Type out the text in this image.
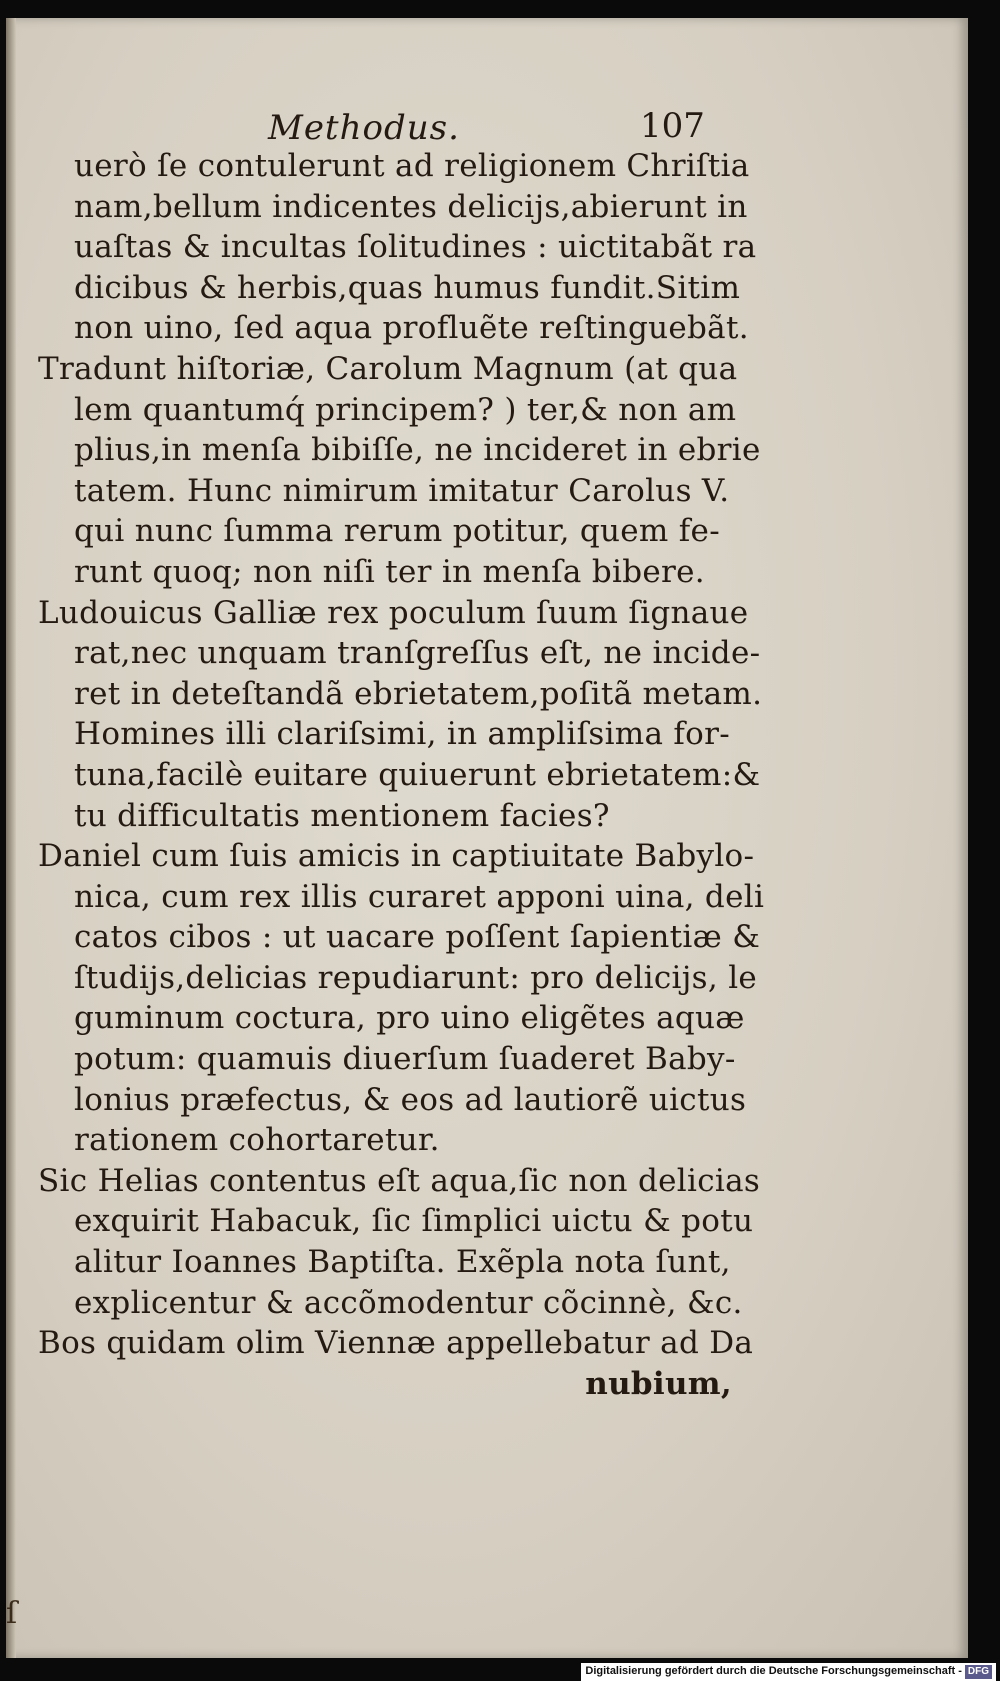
Methodus.	107
uerò ſe contulerunt ad religionem Chriſtia
nam,bellum indicentes delicijs,abierunt in
uaſtas & incultas ſolitudines : uictitabãt ra
dicibus & herbis,quas humus fundit.Sitim
non uino, ſed aqua profluẽte reſtinguebãt.
Tradunt hiſtoriæ, Carolum Magnum (at qua
lem quantumq́ principem? ) ter,& non am
plius,in menſa bibiſſe, ne incideret in ebrie
tatem. Hunc nimirum imitatur Carolus V.
qui nunc ſumma rerum potitur, quem fe-
runt quoq; non niſi ter in menſa bibere.
Ludouicus Galliæ rex poculum ſuum ſignaue
rat,nec unquam tranſgreſſus eſt, ne incide-
ret in deteſtandã ebrietatem,poſitã metam.
Homines illi clariſsimi, in ampliſsima for-
tuna,facilè euitare quiuerunt ebrietatem:&
tu difficultatis mentionem facies?
Daniel cum ſuis amicis in captiuitate Babylo-
nica, cum rex illis curaret apponi uina, deli
catos cibos : ut uacare poſſent ſapientiæ &
ſtudijs,delicias repudiarunt: pro delicijs, le
guminum coctura, pro uino eligẽtes aquæ
potum: quamuis diuerſum ſuaderet Baby-
lonius præfectus, & eos ad lautiorẽ uictus
rationem cohortaretur.
Sic Helias contentus eſt aqua,ſic non delicias
exquirit Habacuk, ſic ſimplici uictu & potu
alitur Ioannes Baptiſta. Exẽpla nota ſunt,
explicentur & accõmodentur cõcinnè, &c.
Bos quidam olim Viennæ appellebatur ad Da
nubium,
ſ
Digitalisierung gefördert durch die Deutsche Forschungsgemeinschaft - DFG
